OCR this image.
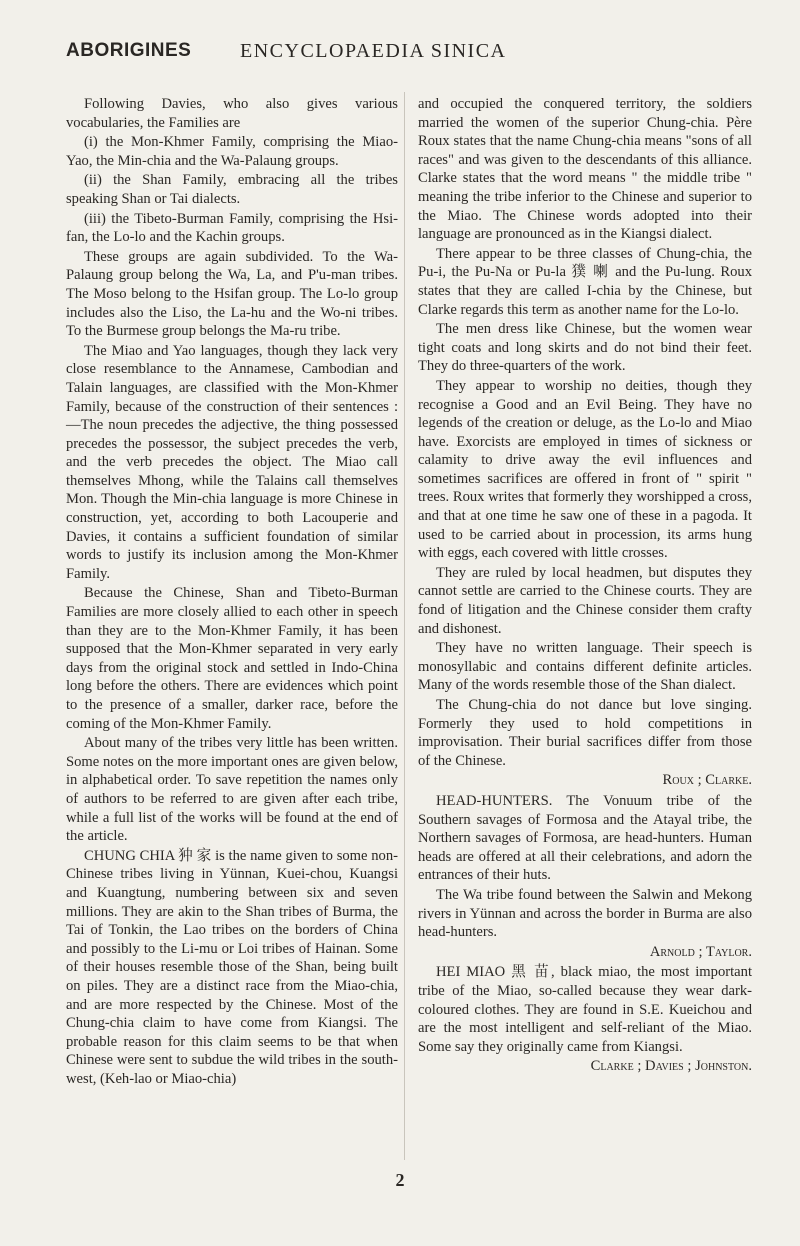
ABORIGINES ENCYCLOPAEDIA SINICA

Following Davies, who also gives various vocabularies, the Families are

(i) the Mon-Khmer Family, comprising the Miao-Yao, the Min-chia and the Wa-Palaung groups.

(ii) the Shan Family, embracing all the tribes speaking Shan or Tai dialects.

(iii) the Tibeto-Burman Family, comprising the Hsi-fan, the Lo-lo and the Kachin groups.

These groups are again subdivided. To the Wa-Palaung group belong the Wa, La, and P'u-man tribes. The Moso belong to the Hsifan group. The Lo-lo group includes also the Liso, the La-hu and the Wo-ni tribes. To the Burmese group belongs the Ma-ru tribe.

The Miao and Yao languages, though they lack very close resemblance to the Annamese, Cambodian and Talain languages, are classified with the Mon-Khmer Family, because of the construction of their sentences :—The noun precedes the adjective, the thing possessed precedes the possessor, the subject precedes the verb, and the verb precedes the object. The Miao call themselves Mhong, while the Talains call themselves Mon. Though the Min-chia language is more Chinese in construction, yet, according to both Lacouperie and Davies, it contains a sufficient foundation of similar words to justify its inclusion among the Mon-Khmer Family.

Because the Chinese, Shan and Tibeto-Burman Families are more closely allied to each other in speech than they are to the Mon-Khmer Family, it has been supposed that the Mon-Khmer separated in very early days from the original stock and settled in Indo-China long before the others. There are evidences which point to the presence of a smaller, darker race, before the coming of the Mon-Khmer Family.

About many of the tribes very little has been written. Some notes on the more important ones are given below, in alphabetical order. To save repetition the names only of authors to be referred to are given after each tribe, while a full list of the works will be found at the end of the article.

CHUNG CHIA 狆 家 is the name given to some non-Chinese tribes living in Yünnan, Kuei-chou, Kuangsi and Kuangtung, numbering between six and seven millions. They are akin to the Shan tribes of Burma, the Tai of Tonkin, the Lao tribes on the borders of China and possibly to the Li-mu or Loi tribes of Hainan. Some of their houses resemble those of the Shan, being built on piles. They are a distinct race from the Miao-chia, and are more respected by the Chinese. Most of the Chung-chia claim to have come from Kiangsi. The probable reason for this claim seems to be that when Chinese were sent to subdue the wild tribes in the south-west, (Keh-lao or Miao-chia)

and occupied the conquered territory, the soldiers married the women of the superior Chung-chia. Père Roux states that the name Chung-chia means "sons of all races" and was given to the descendants of this alliance. Clarke states that the word means " the middle tribe " meaning the tribe inferior to the Chinese and superior to the Miao. The Chinese words adopted into their language are pronounced as in the Kiangsi dialect.

There appear to be three classes of Chung-chia, the Pu-i, the Pu-Na or Pu-la 獛 喇 and the Pu-lung. Roux states that they are called I-chia by the Chinese, but Clarke regards this term as another name for the Lo-lo.

The men dress like Chinese, but the women wear tight coats and long skirts and do not bind their feet. They do three-quarters of the work.

They appear to worship no deities, though they recognise a Good and an Evil Being. They have no legends of the creation or deluge, as the Lo-lo and Miao have. Exorcists are employed in times of sickness or calamity to drive away the evil influences and sometimes sacrifices are offered in front of " spirit " trees. Roux writes that formerly they worshipped a cross, and that at one time he saw one of these in a pagoda. It used to be carried about in procession, its arms hung with eggs, each covered with little crosses.

They are ruled by local headmen, but disputes they cannot settle are carried to the Chinese courts. They are fond of litigation and the Chinese consider them crafty and dishonest.

They have no written language. Their speech is monosyllabic and contains different definite articles. Many of the words resemble those of the Shan dialect.

The Chung-chia do not dance but love singing. Formerly they used to hold competitions in improvisation. Their burial sacrifices differ from those of the Chinese.

Roux ; Clarke.

HEAD-HUNTERS. The Vonuum tribe of the Southern savages of Formosa and the Atayal tribe, the Northern savages of Formosa, are head-hunters. Human heads are offered at all their celebrations, and adorn the entrances of their huts.

The Wa tribe found between the Salwin and Mekong rivers in Yünnan and across the border in Burma are also head-hunters.

Arnold ; Taylor.

HEI MIAO 黑 苗, black miao, the most important tribe of the Miao, so-called because they wear dark-coloured clothes. They are found in S.E. Kueichou and are the most intelligent and self-reliant of the Miao. Some say they originally came from Kiangsi.

Clarke ; Davies ; Johnston.

2
